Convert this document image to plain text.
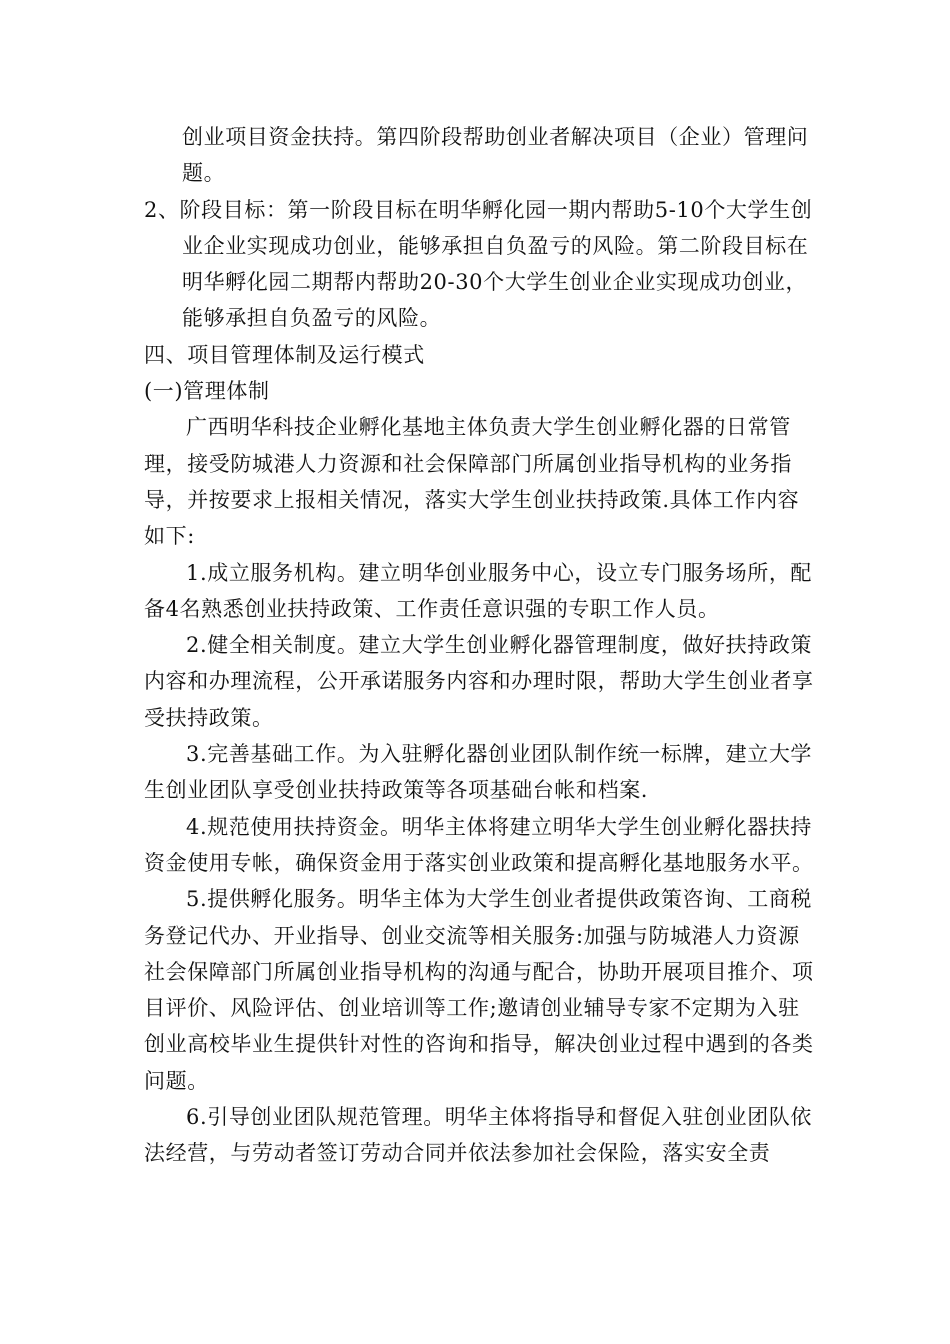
创业项目资金扶持。第四阶段帮助创业者解决项目（企业）管理问题。

2、阶段目标：第一阶段目标在明华孵化园一期内帮助5-10个大学生创业企业实现成功创业，能够承担自负盈亏的风险。第二阶段目标在明华孵化园二期帮内帮助20-30个大学生创业企业实现成功创业，能够承担自负盈亏的风险。

四、项目管理体制及运行模式

(一)管理体制

广西明华科技企业孵化基地主体负责大学生创业孵化器的日常管理，接受防城港人力资源和社会保障部门所属创业指导机构的业务指导，并按要求上报相关情况，落实大学生创业扶持政策.具体工作内容如下:

1.成立服务机构。建立明华创业服务中心，设立专门服务场所，配备4名熟悉创业扶持政策、工作责任意识强的专职工作人员。

2.健全相关制度。建立大学生创业孵化器管理制度，做好扶持政策内容和办理流程，公开承诺服务内容和办理时限，帮助大学生创业者享受扶持政策。

3.完善基础工作。为入驻孵化器创业团队制作统一标牌，建立大学生创业团队享受创业扶持政策等各项基础台帐和档案.

4.规范使用扶持资金。明华主体将建立明华大学生创业孵化器扶持资金使用专帐，确保资金用于落实创业政策和提高孵化基地服务水平。

5.提供孵化服务。明华主体为大学生创业者提供政策咨询、工商税务登记代办、开业指导、创业交流等相关服务:加强与防城港人力资源社会保障部门所属创业指导机构的沟通与配合，协助开展项目推介、项目评价、风险评估、创业培训等工作;邀请创业辅导专家不定期为入驻创业高校毕业生提供针对性的咨询和指导，解决创业过程中遇到的各类问题。

6.引导创业团队规范管理。明华主体将指导和督促入驻创业团队依法经营，与劳动者签订劳动合同并依法参加社会保险，落实安全责
